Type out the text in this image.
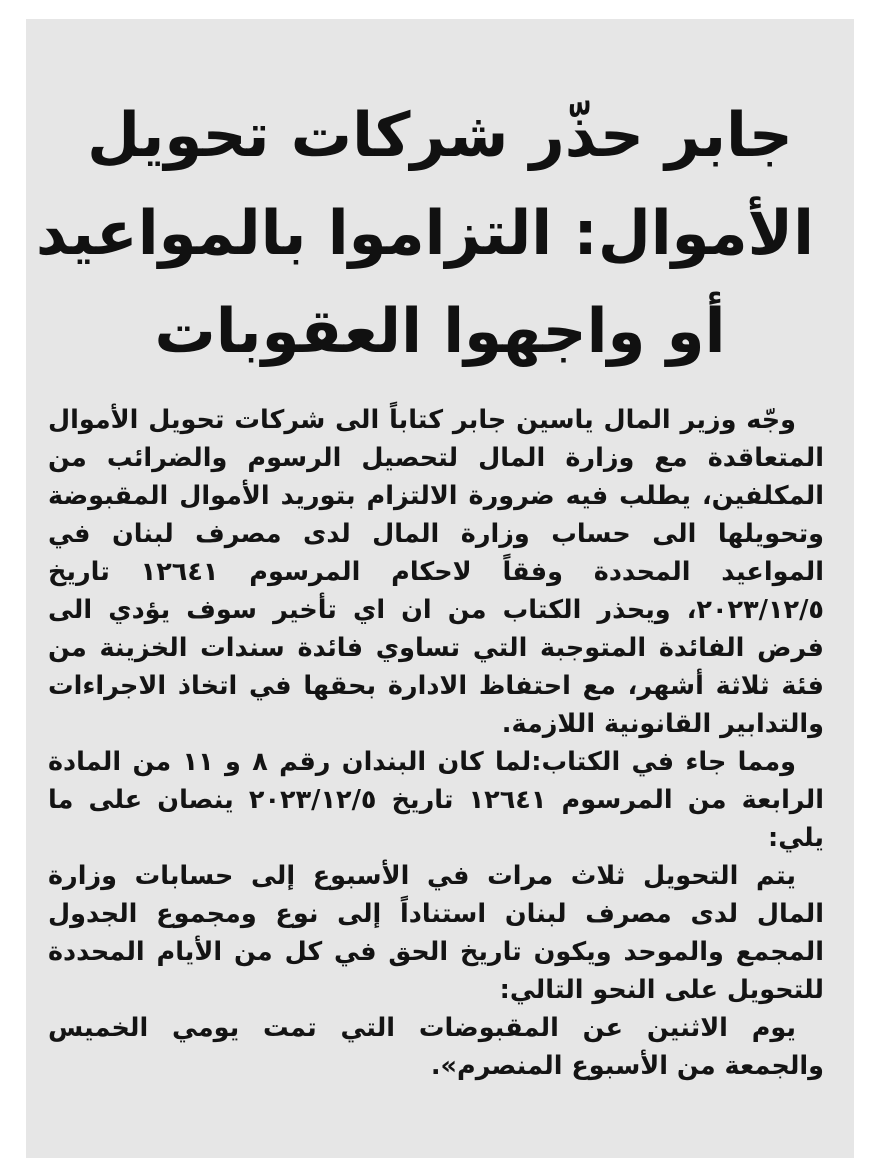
جابر حذّر شركات تحويل
الأموال: التزاموا بالمواعيد
أو واجهوا العقوبات

وجّه وزير المال ياسين جابر كتاباً الى شركات تحويل الأموال المتعاقدة مع وزارة المال لتحصيل الرسوم والضرائب من المكلفين، يطلب فيه ضرورة الالتزام بتوريد الأموال المقبوضة وتحويلها الى حساب وزارة المال لدى مصرف لبنان في المواعيد المحددة وفقاً لاحكام المرسوم ١٢٦٤١ تاريخ ٢٠٢٣/١٢/٥، ويحذر الكتاب من ان اي تأخير سوف يؤدي الى فرض الفائدة المتوجبة التي تساوي فائدة سندات الخزينة من فئة ثلاثة أشهر، مع احتفاظ الادارة بحقها في اتخاذ الاجراءات والتدابير القانونية اللازمة.

ومما جاء في الكتاب:لما كان البندان رقم ٨ و ١١ من المادة الرابعة من المرسوم ١٢٦٤١ تاريخ ٢٠٢٣/١٢/٥ ينصان على ما يلي:

يتم التحويل ثلاث مرات في الأسبوع إلى حسابات وزارة المال لدى مصرف لبنان استناداً إلى نوع ومجموع الجدول المجمع والموحد ويكون تاريخ الحق في كل من الأيام المحددة للتحويل على النحو التالي:

يوم الاثنين عن المقبوضات التي تمت يومي الخميس والجمعة من الأسبوع المنصرم».
